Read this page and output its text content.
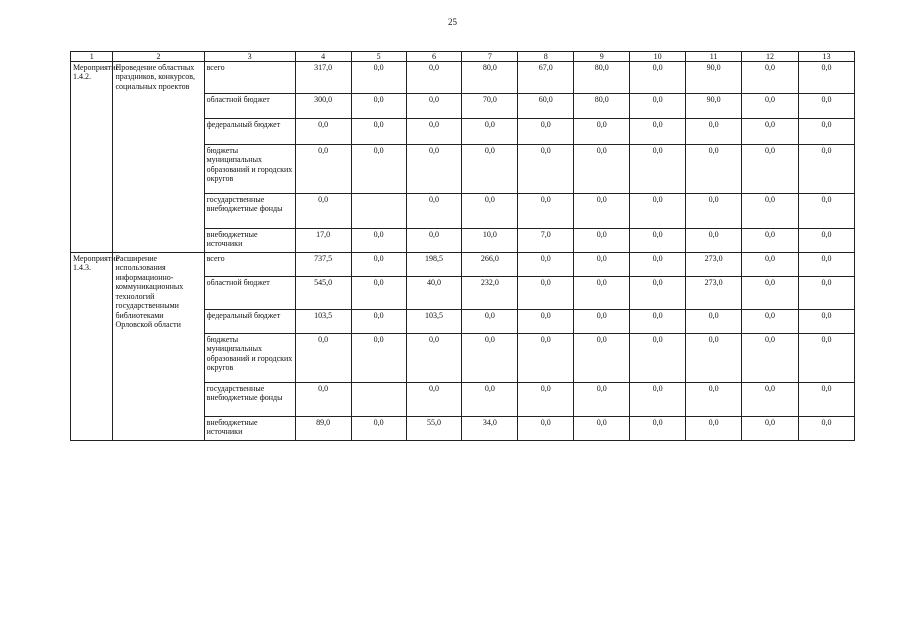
25
1	2	3	4	5	6	7	8	9	10	11	12	13
Мероприятие 1.4.2.	Проведение областных праздников, конкурсов, социальных проектов	всего	317,0	0,0	0,0	80,0	67,0	80,0	0,0	90,0	0,0	0,0
		областной бюджет	300,0	0,0	0,0	70,0	60,0	80,0	0,0	90,0	0,0	0,0
		федеральный бюджет	0,0	0,0	0,0	0,0	0,0	0,0	0,0	0,0	0,0	0,0
		бюджеты муниципальных образований и городских округов	0,0	0,0	0,0	0,0	0,0	0,0	0,0	0,0	0,0	0,0
		государственные внебюджетные фонды	0,0		0,0	0,0	0,0	0,0	0,0	0,0	0,0	0,0
		внебюджетные источники	17,0	0,0	0,0	10,0	7,0	0,0	0,0	0,0	0,0	0,0
Мероприятие 1.4.3.	Расширение использования информационно-коммуникационных технологий государственными библиотеками Орловской области	всего	737,5	0,0	198,5	266,0	0,0	0,0	0,0	273,0	0,0	0,0
		областной бюджет	545,0	0,0	40,0	232,0	0,0	0,0	0,0	273,0	0,0	0,0
		федеральный бюджет	103,5	0,0	103,5	0,0	0,0	0,0	0,0	0,0	0,0	0,0
		бюджеты муниципальных образований и городских округов	0,0	0,0	0,0	0,0	0,0	0,0	0,0	0,0	0,0	0,0
		государственные внебюджетные фонды	0,0		0,0	0,0	0,0	0,0	0,0	0,0	0,0	0,0
		внебюджетные источники	89,0	0,0	55,0	34,0	0,0	0,0	0,0	0,0	0,0	0,0
